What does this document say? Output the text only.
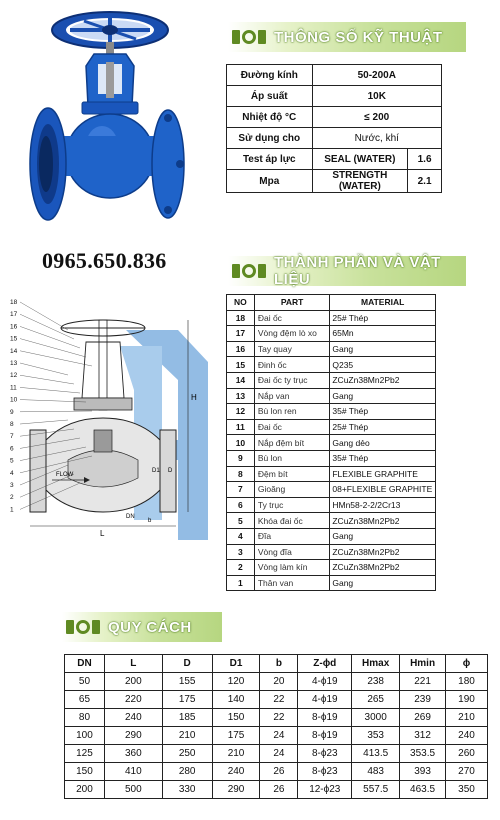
THÔNG SỐ KỸ THUẬT
Đường kính	50-200A	
Áp suất	10K	
Nhiệt độ °C	≤ 200	
Sử dụng cho	Nước, khí	
Test áp lực	SEAL (WATER)	1.6
Mpa	STRENGTH (WATER)	2.1
0965.650.836	THÀNH PHẦN VÀ VẬT LIỆU
FLOW
L
H
DN
b
D
D1
18
17
16
15
14
13
12
11
10
9
8
7
6
5
4
3
2
1
NO	PART	MATERIAL
18	Đai ốc	25# Thép
17	Vòng đệm lò xo	65Mn
16	Tay quay	Gang
15	Đinh ốc	Q235
14	Đai ốc ty trục	ZCuZn38Mn2Pb2
13	Nắp van	Gang
12	Bù lon ren	35# Thép
11	Đai ốc	25# Thép
10	Nắp đệm bít	Gang dẻo
9	Bù lon	35# Thép
8	Đệm bít	FLEXIBLE GRAPHITE
7	Gioăng	08+FLEXIBLE GRAPHITE
6	Ty trục	HMn58-2-2/2Cr13
5	Khóa đai ốc	ZCuZn38Mn2Pb2
4	Đĩa	Gang
3	Vòng đĩa	ZCuZn38Mn2Pb2
2	Vòng làm kín	ZCuZn38Mn2Pb2
1	Thân van	Gang
QUY CÁCH
DN	L	D	D1	b	Z-ϕd	Hmax	Hmin	ϕ
50	200	155	120	20	4-ϕ19	238	221	180
65	220	175	140	22	4-ϕ19	265	239	190
80	240	185	150	22	8-ϕ19	3000	269	210
100	290	210	175	24	8-ϕ19	353	312	240
125	360	250	210	24	8-ϕ23	413.5	353.5	260
150	410	280	240	26	8-ϕ23	483	393	270
200	500	330	290	26	12-ϕ23	557.5	463.5	350
